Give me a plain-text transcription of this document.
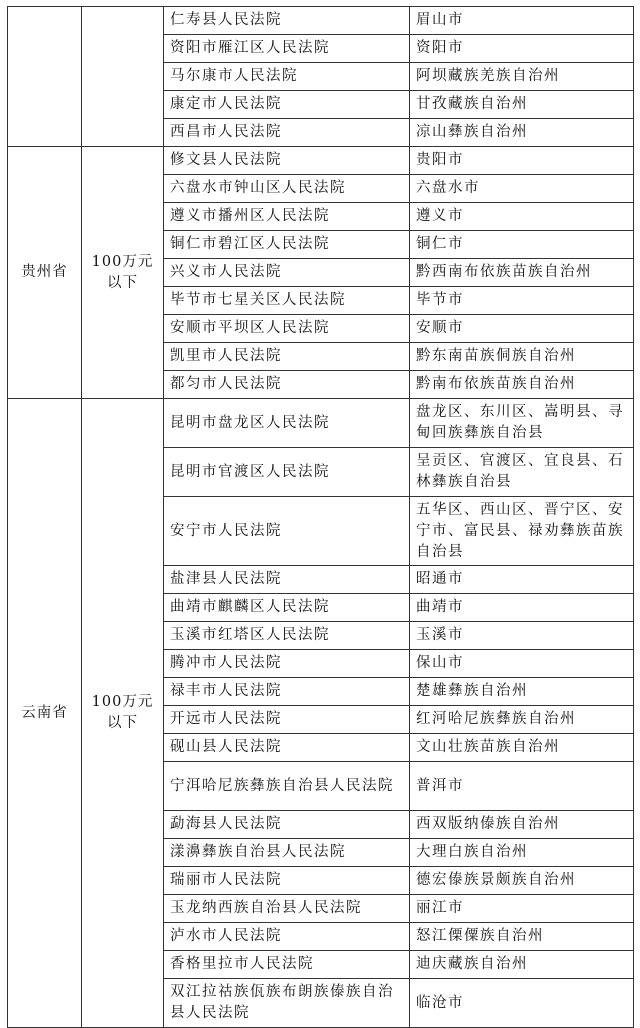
		仁寿县人民法院	眉山市
		资阳市雁江区人民法院	资阳市
		马尔康市人民法院	阿坝藏族羌族自治州
		康定市人民法院	甘孜藏族自治州
		西昌市人民法院	凉山彝族自治州
贵州省	100万元以下	修文县人民法院	贵阳市
		六盘水市钟山区人民法院	六盘水市
		遵义市播州区人民法院	遵义市
		铜仁市碧江区人民法院	铜仁市
		兴义市人民法院	黔西南布依族苗族自治州
		毕节市七星关区人民法院	毕节市
		安顺市平坝区人民法院	安顺市
		凯里市人民法院	黔东南苗族侗族自治州
		都匀市人民法院	黔南布依族苗族自治州
云南省	100万元以下	昆明市盘龙区人民法院	盘龙区、东川区、嵩明县、寻甸回族彝族自治县
		昆明市官渡区人民法院	呈贡区、官渡区、宜良县、石林彝族自治县
		安宁市人民法院	五华区、西山区、晋宁区、安宁市、富民县、禄劝彝族苗族自治县
		盐津县人民法院	昭通市
		曲靖市麒麟区人民法院	曲靖市
		玉溪市红塔区人民法院	玉溪市
		腾冲市人民法院	保山市
		禄丰市人民法院	楚雄彝族自治州
		开远市人民法院	红河哈尼族彝族自治州
		砚山县人民法院	文山壮族苗族自治州
		宁洱哈尼族彝族自治县人民法院	普洱市
		勐海县人民法院	西双版纳傣族自治州
		漾濞彝族自治县人民法院	大理白族自治州
		瑞丽市人民法院	德宏傣族景颇族自治州
		玉龙纳西族自治县人民法院	丽江市
		泸水市人民法院	怒江傈僳族自治州
		香格里拉市人民法院	迪庆藏族自治州
		双江拉祜族佤族布朗族傣族自治县人民法院	临沧市
